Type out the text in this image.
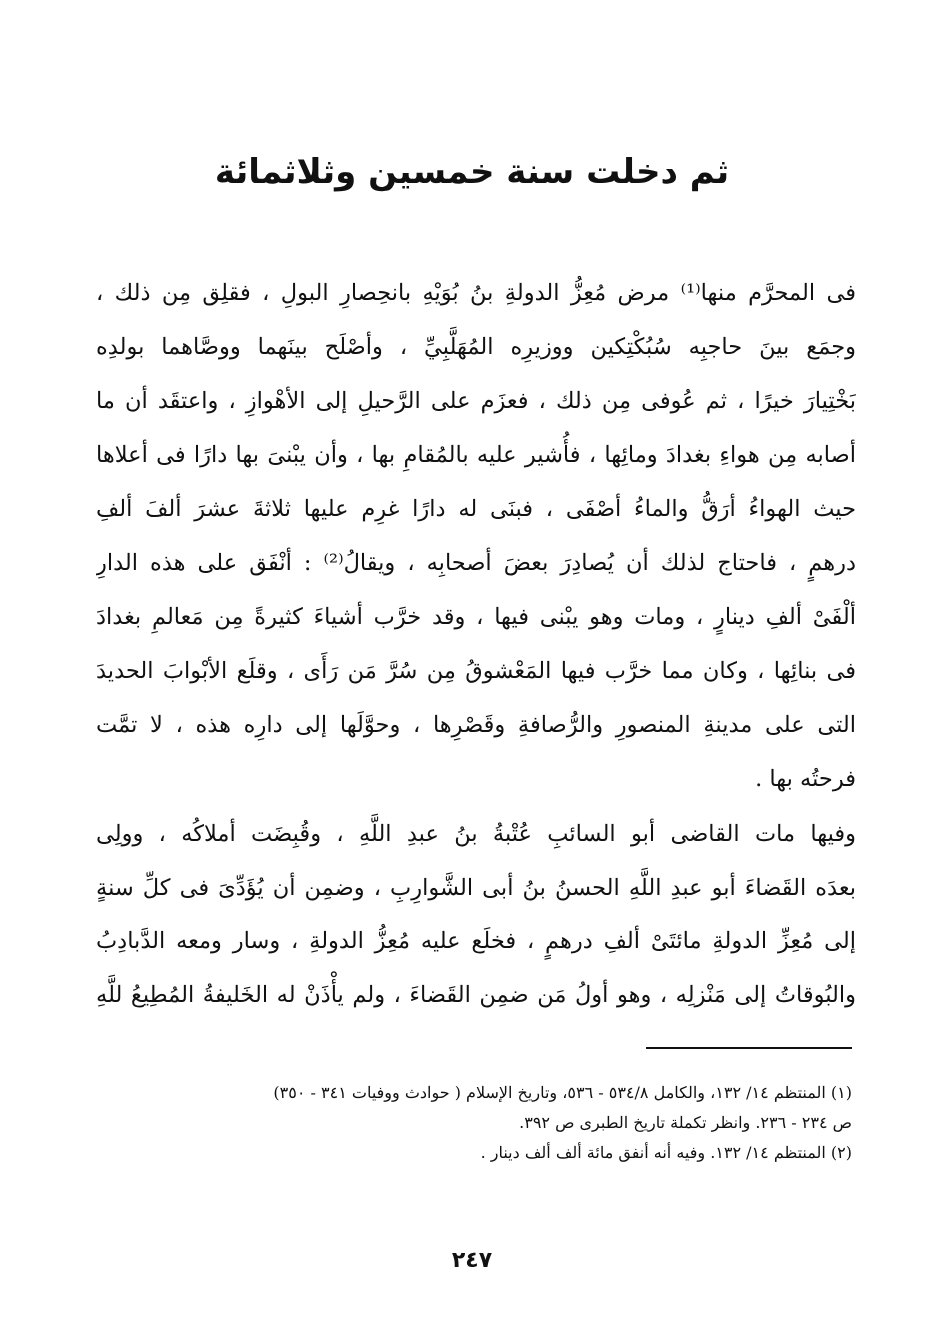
ثم دخلت سنة خمسين وثلاثمائة
فى المحرَّم منها⁽¹⁾ مرض مُعِزُّ الدولةِ بنُ بُوَيْهِ بانحِصارِ البولِ ، فقلِق مِن ذلك ،
وجمَع بينَ حاجبِه سُبُكْتِكين ووزيرِه المُهَلَّبِيِّ ، وأصْلَح بينَهما ووصَّاهما بولدِه
بَخْتِيارَ خيرًا ، ثم عُوفى مِن ذلك ، فعزَم على الرَّحيلِ إلى الأهْوازِ ، واعتقَد أن ما
أصابه مِن هواءِ بغدادَ ومائِها ، فأُشير عليه بالمُقامِ بها ، وأن يبْنىَ بها دارًا فى أعلاها
حيث الهواءُ أرَقُّ والماءُ أصْفَى ، فبنَى له دارًا غرِم عليها ثلاثةَ عشرَ ألفَ ألفِ
درهمٍ ، فاحتاج لذلك أن يُصادِرَ بعضَ أصحابِه ، ويقالُ⁽²⁾ : أنْفَق على هذه الدارِ
ألْفَىْ ألفِ دينارٍ ، ومات وهو يبْنى فيها ، وقد خرَّب أشياءَ كثيرةً مِن مَعالمِ بغدادَ
فى بنائِها ، وكان مما خرَّب فيها المَعْشوقُ مِن سُرَّ مَن رَأَى ، وقلَع الأبْوابَ الحديدَ
التى على مدينةِ المنصورِ والرُّصافةِ وقَصْرِها ، وحوَّلَها إلى دارِه هذه ، لا تمَّت
فرحتُه بها .
وفيها مات القاضى أبو السائبِ عُتْبةُ بنُ عبدِ اللَّهِ ، وقُبِضَت أملاكُه ، وولِى
بعدَه القَضاءَ أبو عبدِ اللَّهِ الحسنُ بنُ أبى الشَّوارِبِ ، وضمِن أن يُؤَدِّىَ فى كلِّ سنةٍ
إلى مُعِزِّ الدولةِ مائتَىْ ألفِ درهمٍ ، فخلَع عليه مُعِزُّ الدولةِ ، وسار ومعه الدَّبادِبُ
والبُوقاتُ إلى مَنْزلِه ، وهو أولُ مَن ضمِن القَضاءَ ، ولم يأْذَنْ له الخَليفةُ المُطِيعُ للَّهِ
(١) المنتظم ١٤/ ١٣٢، والكامل ٥٣٤/٨ - ٥٣٦، وتاريخ الإسلام ( حوادث ووفيات ٣٤١ - ٣٥٠)
ص ٢٣٤ - ٢٣٦. وانظر تكملة تاريخ الطبرى ص ٣٩٢.
(٢) المنتظم ١٤/ ١٣٢. وفيه أنه أنفق مائة ألف ألف دينار .
٢٤٧
